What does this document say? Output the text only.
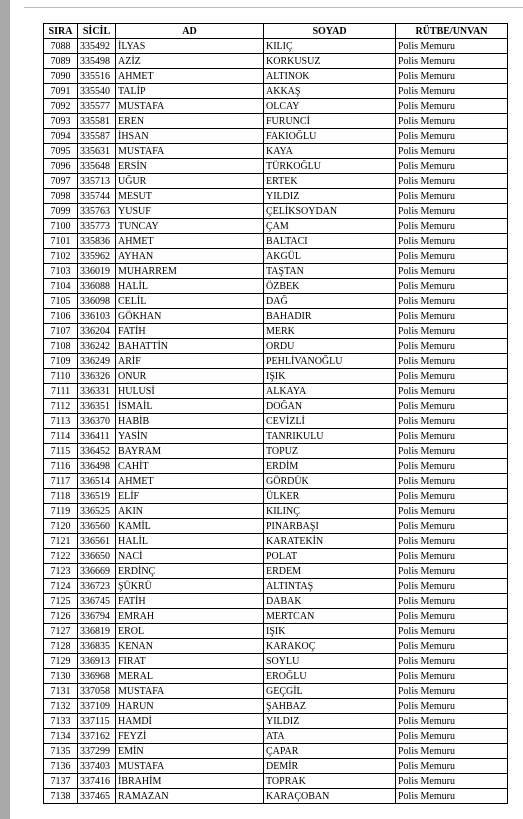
SIRA	SİCİL	AD	SOYAD	RÜTBE/UNVAN
7088	335492	İLYAS	KILIÇ	Polis Memuru
7089	335498	AZİZ	KORKUSUZ	Polis Memuru
7090	335516	AHMET	ALTINOK	Polis Memuru
7091	335540	TALİP	AKKAŞ	Polis Memuru
7092	335577	MUSTAFA	OLCAY	Polis Memuru
7093	335581	EREN	FURUNCİ	Polis Memuru
7094	335587	İHSAN	FAKIOĞLU	Polis Memuru
7095	335631	MUSTAFA	KAYA	Polis Memuru
7096	335648	ERSİN	TÜRKOĞLU	Polis Memuru
7097	335713	UĞUR	ERTEK	Polis Memuru
7098	335744	MESUT	YILDIZ	Polis Memuru
7099	335763	YUSUF	ÇELİKSOYDAN	Polis Memuru
7100	335773	TUNCAY	ÇAM	Polis Memuru
7101	335836	AHMET	BALTACI	Polis Memuru
7102	335962	AYHAN	AKGÜL	Polis Memuru
7103	336019	MUHARREM	TAŞTAN	Polis Memuru
7104	336088	HALİL	ÖZBEK	Polis Memuru
7105	336098	CELİL	DAĞ	Polis Memuru
7106	336103	GÖKHAN	BAHADIR	Polis Memuru
7107	336204	FATİH	MERK	Polis Memuru
7108	336242	BAHATTİN	ORDU	Polis Memuru
7109	336249	ARİF	PEHLİVANOĞLU	Polis Memuru
7110	336326	ONUR	IŞIK	Polis Memuru
7111	336331	HULUSİ	ALKAYA	Polis Memuru
7112	336351	İSMAİL	DOĞAN	Polis Memuru
7113	336370	HABİB	CEVİZLİ	Polis Memuru
7114	336411	YASİN	TANRIKULU	Polis Memuru
7115	336452	BAYRAM	TOPUZ	Polis Memuru
7116	336498	CAHİT	ERDİM	Polis Memuru
7117	336514	AHMET	GÖRDÜK	Polis Memuru
7118	336519	ELİF	ÜLKER	Polis Memuru
7119	336525	AKIN	KILINÇ	Polis Memuru
7120	336560	KAMİL	PINARBAŞI	Polis Memuru
7121	336561	HALİL	KARATEKİN	Polis Memuru
7122	336650	NACİ	POLAT	Polis Memuru
7123	336669	ERDİNÇ	ERDEM	Polis Memuru
7124	336723	ŞÜKRÜ	ALTINTAŞ	Polis Memuru
7125	336745	FATİH	DABAK	Polis Memuru
7126	336794	EMRAH	MERTCAN	Polis Memuru
7127	336819	EROL	IŞIK	Polis Memuru
7128	336835	KENAN	KARAKOÇ	Polis Memuru
7129	336913	FIRAT	SOYLU	Polis Memuru
7130	336968	MERAL	EROĞLU	Polis Memuru
7131	337058	MUSTAFA	GEÇGİL	Polis Memuru
7132	337109	HARUN	ŞAHBAZ	Polis Memuru
7133	337115	HAMDİ	YILDIZ	Polis Memuru
7134	337162	FEYZİ	ATA	Polis Memuru
7135	337299	EMİN	ÇAPAR	Polis Memuru
7136	337403	MUSTAFA	DEMİR	Polis Memuru
7137	337416	İBRAHİM	TOPRAK	Polis Memuru
7138	337465	RAMAZAN	KARAÇOBAN	Polis Memuru
